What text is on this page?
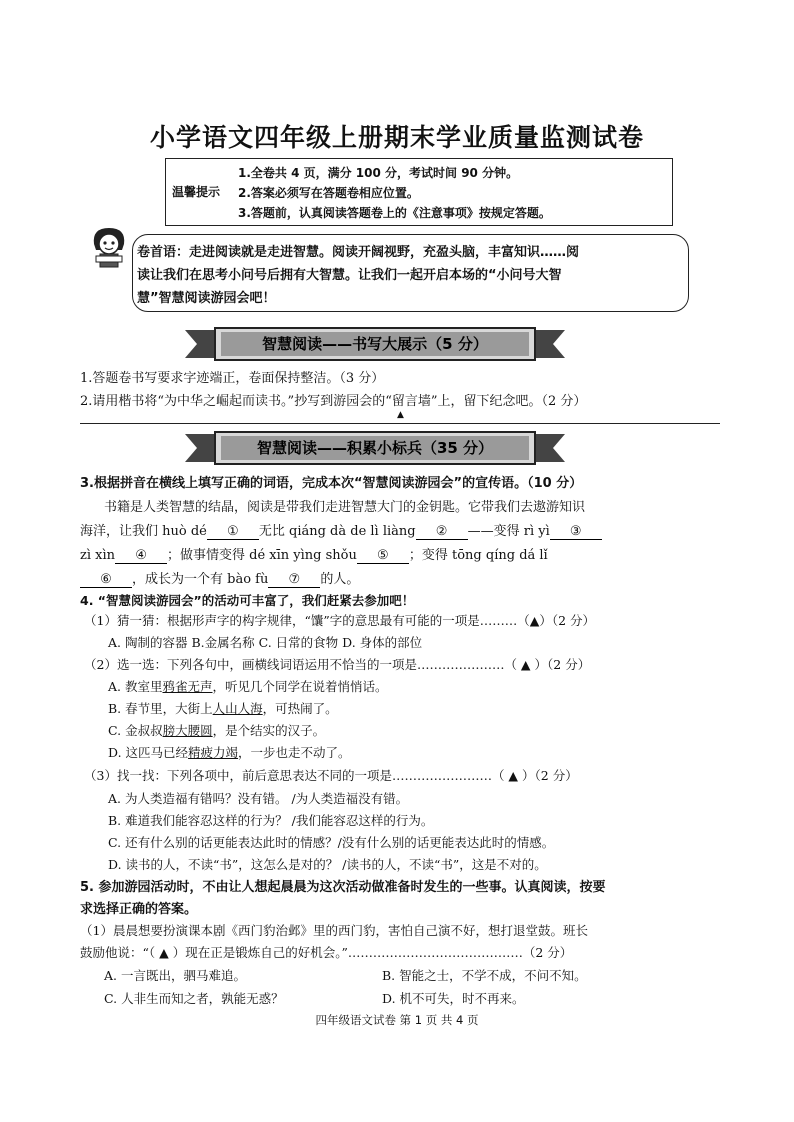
小学语文四年级上册期末学业质量监测试卷
温馨提示
1.全卷共 4 页，满分 100 分，考试时间 90 分钟。
2.答案必须写在答题卷相应位置。
3.答题前，认真阅读答题卷上的《注意事项》按规定答题。
卷首语：走进阅读就是走进智慧。阅读开阔视野，充盈头脑，丰富知识……阅
读让我们在思考小问号后拥有大智慧。让我们一起开启本场的“小问号大智
慧”智慧阅读游园会吧！
智慧阅读——书写大展示（5 分）
1.答题卷书写要求字迹端正，卷面保持整洁。（3 分）
2.请用楷书将“为中华之崛起而读书。”抄写到游园会的“留言墙”上，留下纪念吧。（2 分）
▲
智慧阅读——积累小标兵（35 分）
3.根据拼音在横线上填写正确的词语，完成本次“智慧阅读游园会”的宣传语。（10 分）
书籍是人类智慧的结晶，阅读是带我们走进智慧大门的金钥匙。它带我们去遨游知识
海洋，让我们 huò dé ① 无比 qiáng dà de lì liàng ② ——变得 rì yì ③
zì xìn ④ ；做事情变得 dé xīn yìng shǒu ⑤ ；变得 tōng qíng dá lǐ
⑥ ，成长为一个有 bào fù ⑦ 的人。
4. “智慧阅读游园会”的活动可丰富了，我们赶紧去参加吧！
（1）猜一猜：根据形声字的构字规律，“馕”字的意思最有可能的一项是………（▲）（2 分）
A. 陶制的容器 B.金属名称 C. 日常的食物 D. 身体的部位
（2）选一选：下列各句中，画横线词语运用不恰当的一项是…………………（ ▲ ）（2 分）
A. 教室里鸦雀无声，听见几个同学在说着悄悄话。
B. 春节里，大街上人山人海，可热闹了。
C. 金叔叔膀大腰圆，是个结实的汉子。
D. 这匹马已经精疲力竭，一步也走不动了。
（3）找一找：下列各项中，前后意思表达不同的一项是……………………（ ▲ ）（2 分）
A. 为人类造福有错吗？没有错。 /为人类造福没有错。
B. 难道我们能容忍这样的行为？ /我们能容忍这样的行为。
C. 还有什么别的话更能表达此时的情感？/没有什么别的话更能表达此时的情感。
D. 读书的人，不读“书”，这怎么是对的？ /读书的人，不读“书”，这是不对的。
5. 参加游园活动时，不由让人想起晨晨为这次活动做准备时发生的一些事。认真阅读，按要
求选择正确的答案。
（1）晨晨想要扮演课本剧《西门豹治邺》里的西门豹，害怕自己演不好，想打退堂鼓。班长
鼓励他说：“（ ▲ ）现在正是锻炼自己的好机会。”……………………………………（2 分）
A. 一言既出，驷马难追。	B. 智能之士，不学不成，不问不知。
C. 人非生而知之者，孰能无惑？	D. 机不可失，时不再来。
四年级语文试卷 第 1 页 共 4 页
